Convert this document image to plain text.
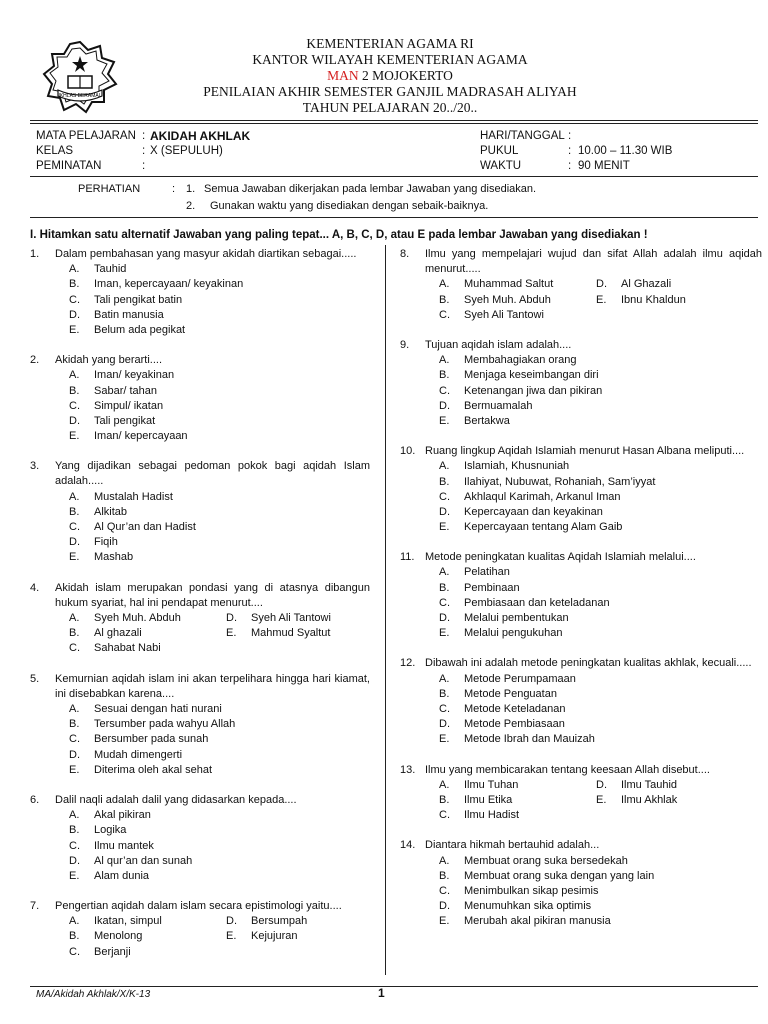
IKHLAS BERAMAL
KEMENTERIAN AGAMA RI
KANTOR WILAYAH KEMENTERIAN AGAMA
MAN 2 MOJOKERTO
PENILAIAN AKHIR SEMESTER GANJIL MADRASAH ALIYAH
TAHUN PELAJARAN 20../20..
MATA PELAJARAN : AKIDAH AKHLAK
KELAS	: X (SEPULUH)
PEMINATAN	:
HARI/TANGGAL :
PUKUL	: 10.00 – 11.30 WIB
WAKTU	: 90 MENIT
PERHATIAN	: 1. Semua Jawaban dikerjakan pada lembar Jawaban yang disediakan.
2. Gunakan waktu yang disediakan dengan sebaik-baiknya.
I. Hitamkan satu alternatif Jawaban yang paling tepat... A, B, C, D, atau E pada lembar Jawaban yang disediakan !
1. Dalam pembahasan yang masyur akidah diartikan sebagai.....
A. Tauhid
B. Iman, kepercayaan/ keyakinan
C. Tali pengikat batin
D. Batin manusia
E. Belum ada pegikat
2. Akidah yang berarti....
A. Iman/ keyakinan
B. Sabar/ tahan
C. Simpul/ ikatan
D. Tali pengikat
E. Iman/ kepercayaan
3. Yang dijadikan sebagai pedoman pokok bagi aqidah Islam adalah.....
A. Mustalah Hadist
B. Alkitab
C. Al Qur’an dan Hadist
D. Fiqih
E. Mashab
4. Akidah islam merupakan pondasi yang di atasnya dibangun hukum syariat, hal ini pendapat menurut....
A. Syeh Muh. Abduh	D. Syeh Ali Tantowi
B. Al ghazali	E. Mahmud Syaltut
C. Sahabat Nabi
5. Kemurnian aqidah islam ini akan terpelihara hingga hari kiamat, ini disebabkan karena....
A. Sesuai dengan hati nurani
B. Tersumber pada wahyu Allah
C. Bersumber pada sunah
D. Mudah dimengerti
E. Diterima oleh akal sehat
6. Dalil naqli adalah dalil yang didasarkan kepada....
A. Akal pikiran
B. Logika
C. Ilmu mantek
D. Al qur’an dan sunah
E. Alam dunia
7. Pengertian aqidah dalam islam secara epistimologi yaitu....
A. Ikatan, simpul	D. Bersumpah
B. Menolong	E. Kejujuran
C. Berjanji
8. Ilmu yang mempelajari wujud dan sifat Allah adalah ilmu aqidah menurut.....
A. Muhammad Saltut	D. Al Ghazali
B. Syeh Muh. Abduh	E. Ibnu Khaldun
C. Syeh Ali Tantowi
9. Tujuan aqidah islam adalah....
A. Membahagiakan orang
B. Menjaga keseimbangan diri
C. Ketenangan jiwa dan pikiran
D. Bermuamalah
E. Bertakwa
10. Ruang lingkup Aqidah Islamiah menurut Hasan Albana meliputi....
A. Islamiah, Khusnuniah
B. Ilahiyat, Nubuwat, Rohaniah, Sam’iyyat
C. Akhlaqul Karimah, Arkanul Iman
D. Kepercayaan dan keyakinan
E. Kepercayaan tentang Alam Gaib
11. Metode peningkatan kualitas Aqidah Islamiah melalui....
A. Pelatihan
B. Pembinaan
C. Pembiasaan dan keteladanan
D. Melalui pembentukan
E. Melalui pengukuhan
12. Dibawah ini adalah metode peningkatan kualitas akhlak, kecuali.....
A. Metode Perumpamaan
B. Metode Penguatan
C. Metode Keteladanan
D. Metode Pembiasaan
E. Metode Ibrah dan Mauizah
13. Ilmu yang membicarakan tentang keesaan Allah disebut....
A. Ilmu Tuhan	D. Ilmu Tauhid
B. Ilmu Etika	E. Ilmu Akhlak
C. Ilmu Hadist
14. Diantara hikmah bertauhid adalah...
A. Membuat orang suka bersedekah
B. Membuat orang suka dengan yang lain
C. Menimbulkan sikap pesimis
D. Menumuhkan sika optimis
E. Merubah akal pikiran manusia
MA/Akidah Akhlak/X/K-13	1
